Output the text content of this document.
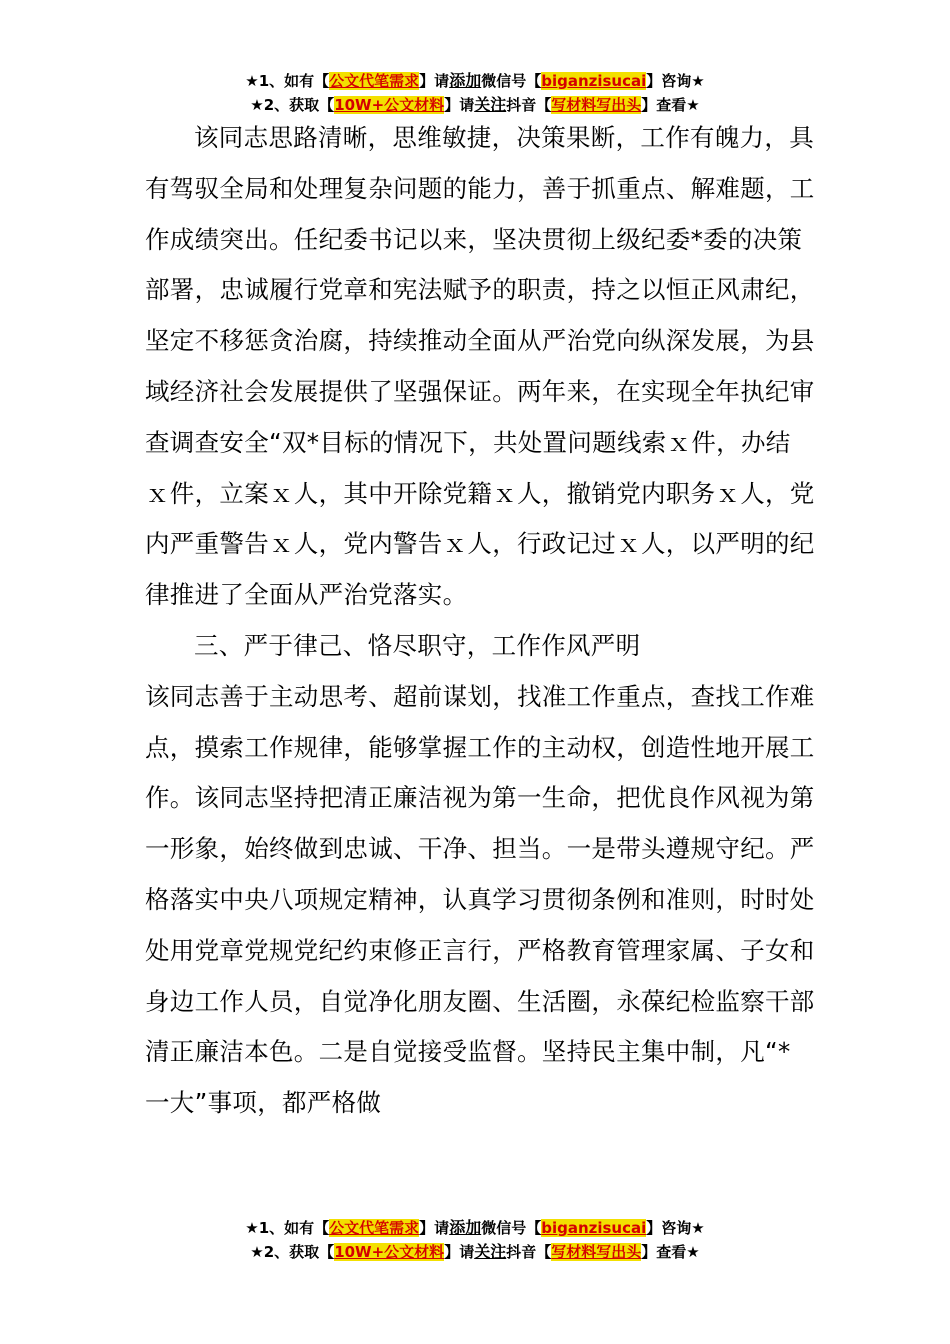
★1、如有【公文代笔需求】请添加微信号【biganzisucai】咨询★
★2、获取【10W+公文材料】请关注抖音【写材料写出头】查看★

该同志思路清晰，思维敏捷，决策果断，工作有魄力，具有驾驭全局和处理复杂问题的能力，善于抓重点、解难题，工作成绩突出。任纪委书记以来，坚决贯彻上级纪委*委的决策部署，忠诚履行党章和宪法赋予的职责，持之以恒正风肃纪，坚定不移惩贪治腐，持续推动全面从严治党向纵深发展，为县域经济社会发展提供了坚强保证。两年来，在实现全年执纪审查调查安全“双*目标的情况下，共处置问题线索ｘ件，办结ｘ件，立案ｘ人，其中开除党籍ｘ人，撤销党内职务ｘ人，党内严重警告ｘ人，党内警告ｘ人，行政记过ｘ人，以严明的纪律推进了全面从严治党落实。

三、严于律己、恪尽职守，工作作风严明

该同志善于主动思考、超前谋划，找准工作重点，查找工作难点，摸索工作规律，能够掌握工作的主动权，创造性地开展工作。该同志坚持把清正廉洁视为第一生命，把优良作风视为第一形象，始终做到忠诚、干净、担当。一是带头遵规守纪。严格落实中央八项规定精神，认真学习贯彻条例和准则，时时处处用党章党规党纪约束修正言行，严格教育管理家属、子女和身边工作人员，自觉净化朋友圈、生活圈，永葆纪检监察干部清正廉洁本色。二是自觉接受监督。坚持民主集中制，凡“*一大”事项，都严格做

★1、如有【公文代笔需求】请添加微信号【biganzisucai】咨询★
★2、获取【10W+公文材料】请关注抖音【写材料写出头】查看★
